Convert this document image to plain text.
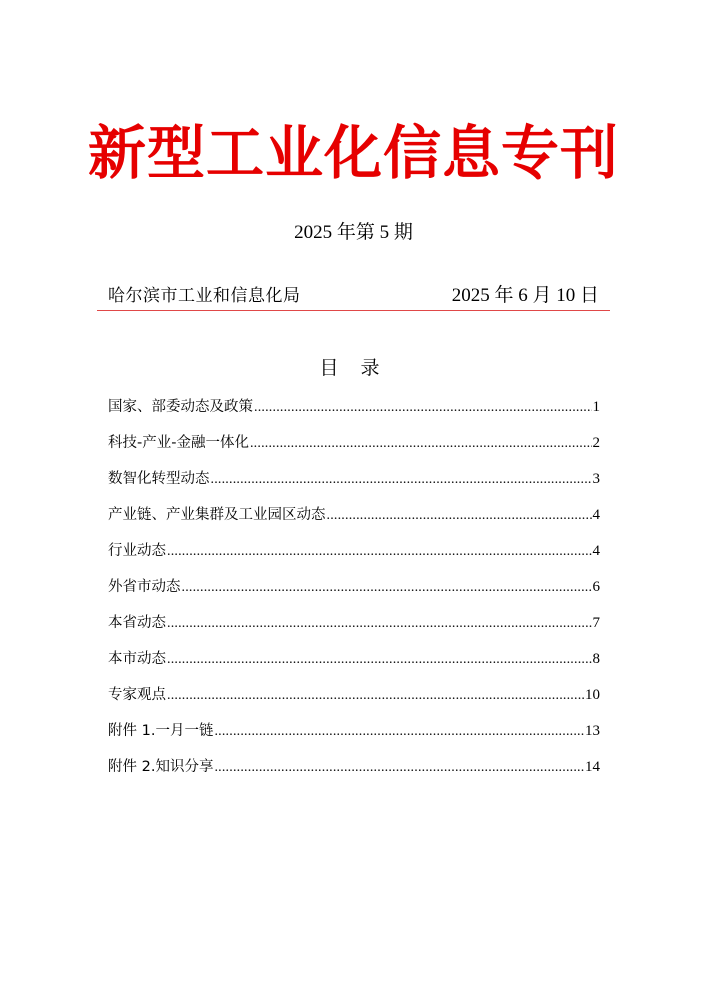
新型工业化信息专刊
2025 年第 5 期
哈尔滨市工业和信息化局	2025 年 6 月 10 日
目 录
国家、部委动态及政策 .....	1
科技-产业-金融一体化 .....	2
数智化转型动态 .....	3
产业链、产业集群及工业园区动态 .....	4
行业动态 .....	4
外省市动态 .....	6
本省动态 .....	7
本市动态 .....	8
专家观点 .....	10
附件 1.一月一链 .....	13
附件 2.知识分享 .....	14
